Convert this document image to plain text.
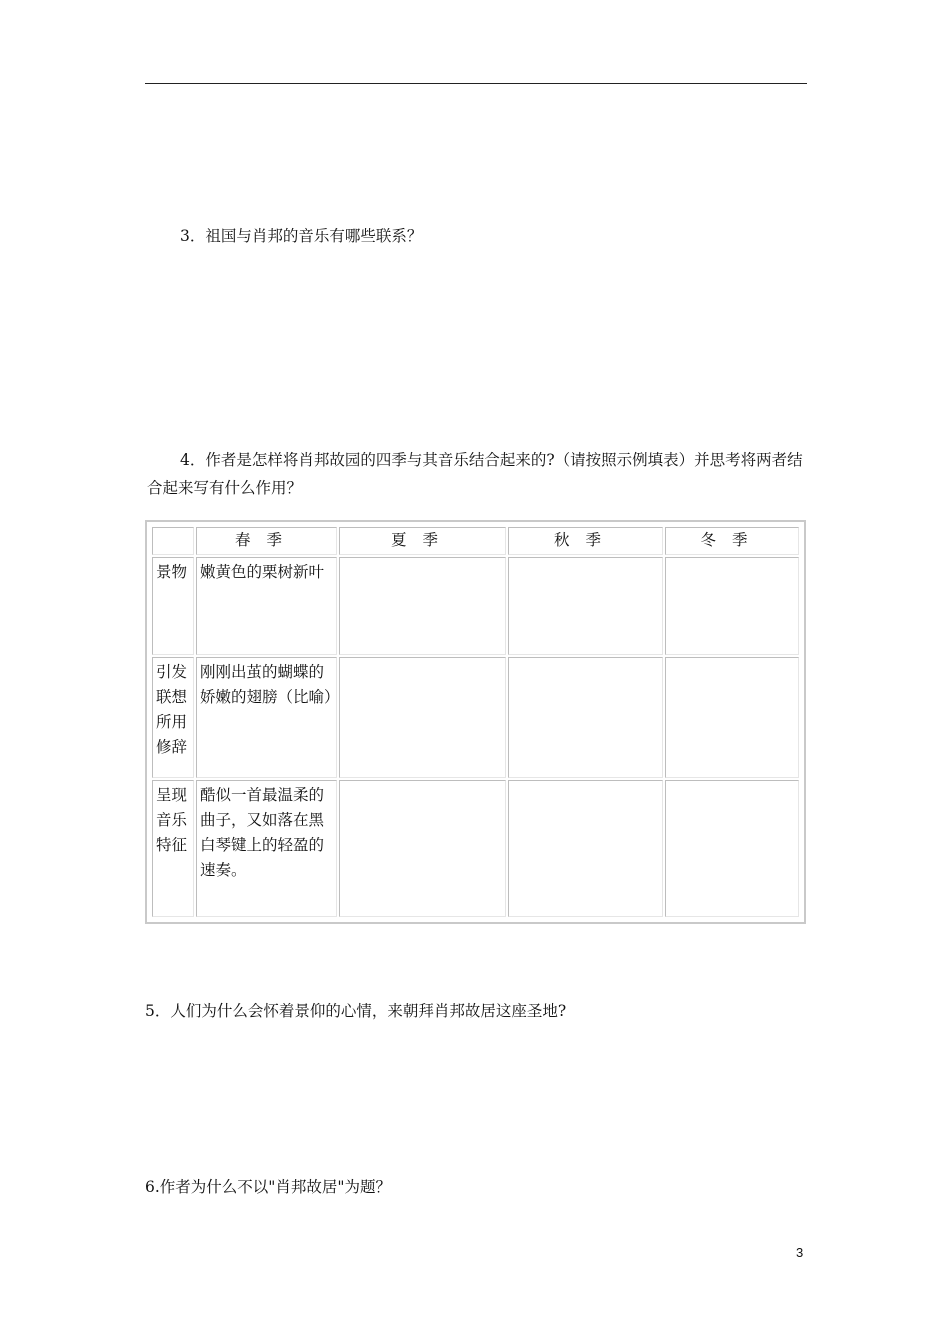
3．祖国与肖邦的音乐有哪些联系？

4．作者是怎样将肖邦故园的四季与其音乐结合起来的?（请按照示例填表）并思考将两者结合起来写有什么作用？

	春季	夏季	秋季	冬季
景物	嫩黄色的栗树新叶			
引发联想所用修辞	刚刚出茧的蝴蝶的娇嫩的翅膀（比喻）			
呈现音乐特征	酷似一首最温柔的曲子，又如落在黑白琴键上的轻盈的速奏。			

5．人们为什么会怀着景仰的心情，来朝拜肖邦故居这座圣地?

6.作者为什么不以"肖邦故居"为题？

3
